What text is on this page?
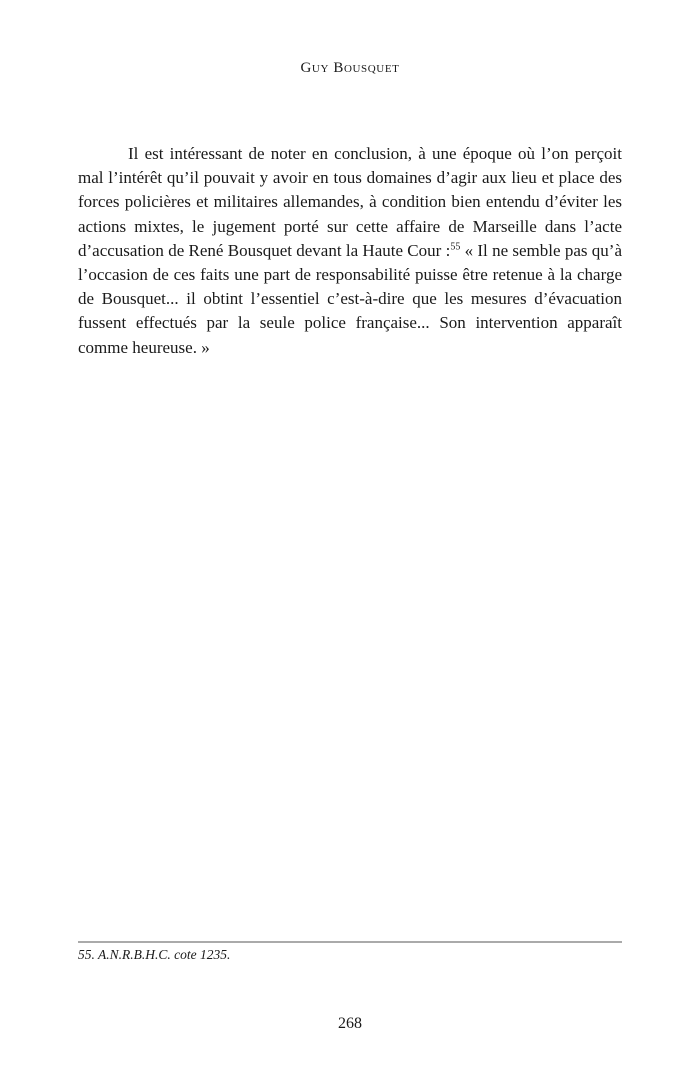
Guy Bousquet

Il est intéressant de noter en conclusion, à une époque où l’on perçoit mal l’intérêt qu’il pouvait y avoir en tous domaines d’agir aux lieu et place des forces policières et militaires allemandes, à condition bien entendu d’éviter les actions mixtes, le jugement porté sur cette affaire de Marseille dans l’acte d’accusation de René Bousquet devant la Haute Cour :$^{55}$ « Il ne semble pas qu’à l’occasion de ces faits une part de responsabilité puisse être retenue à la charge de Bousquet... il obtint l’essentiel c’est-à-dire que les mesures d’évacuation fussent effectués par la seule police française... Son intervention apparaît comme heureuse. »

55. A.N.R.B.H.C. cote 1235.

268
